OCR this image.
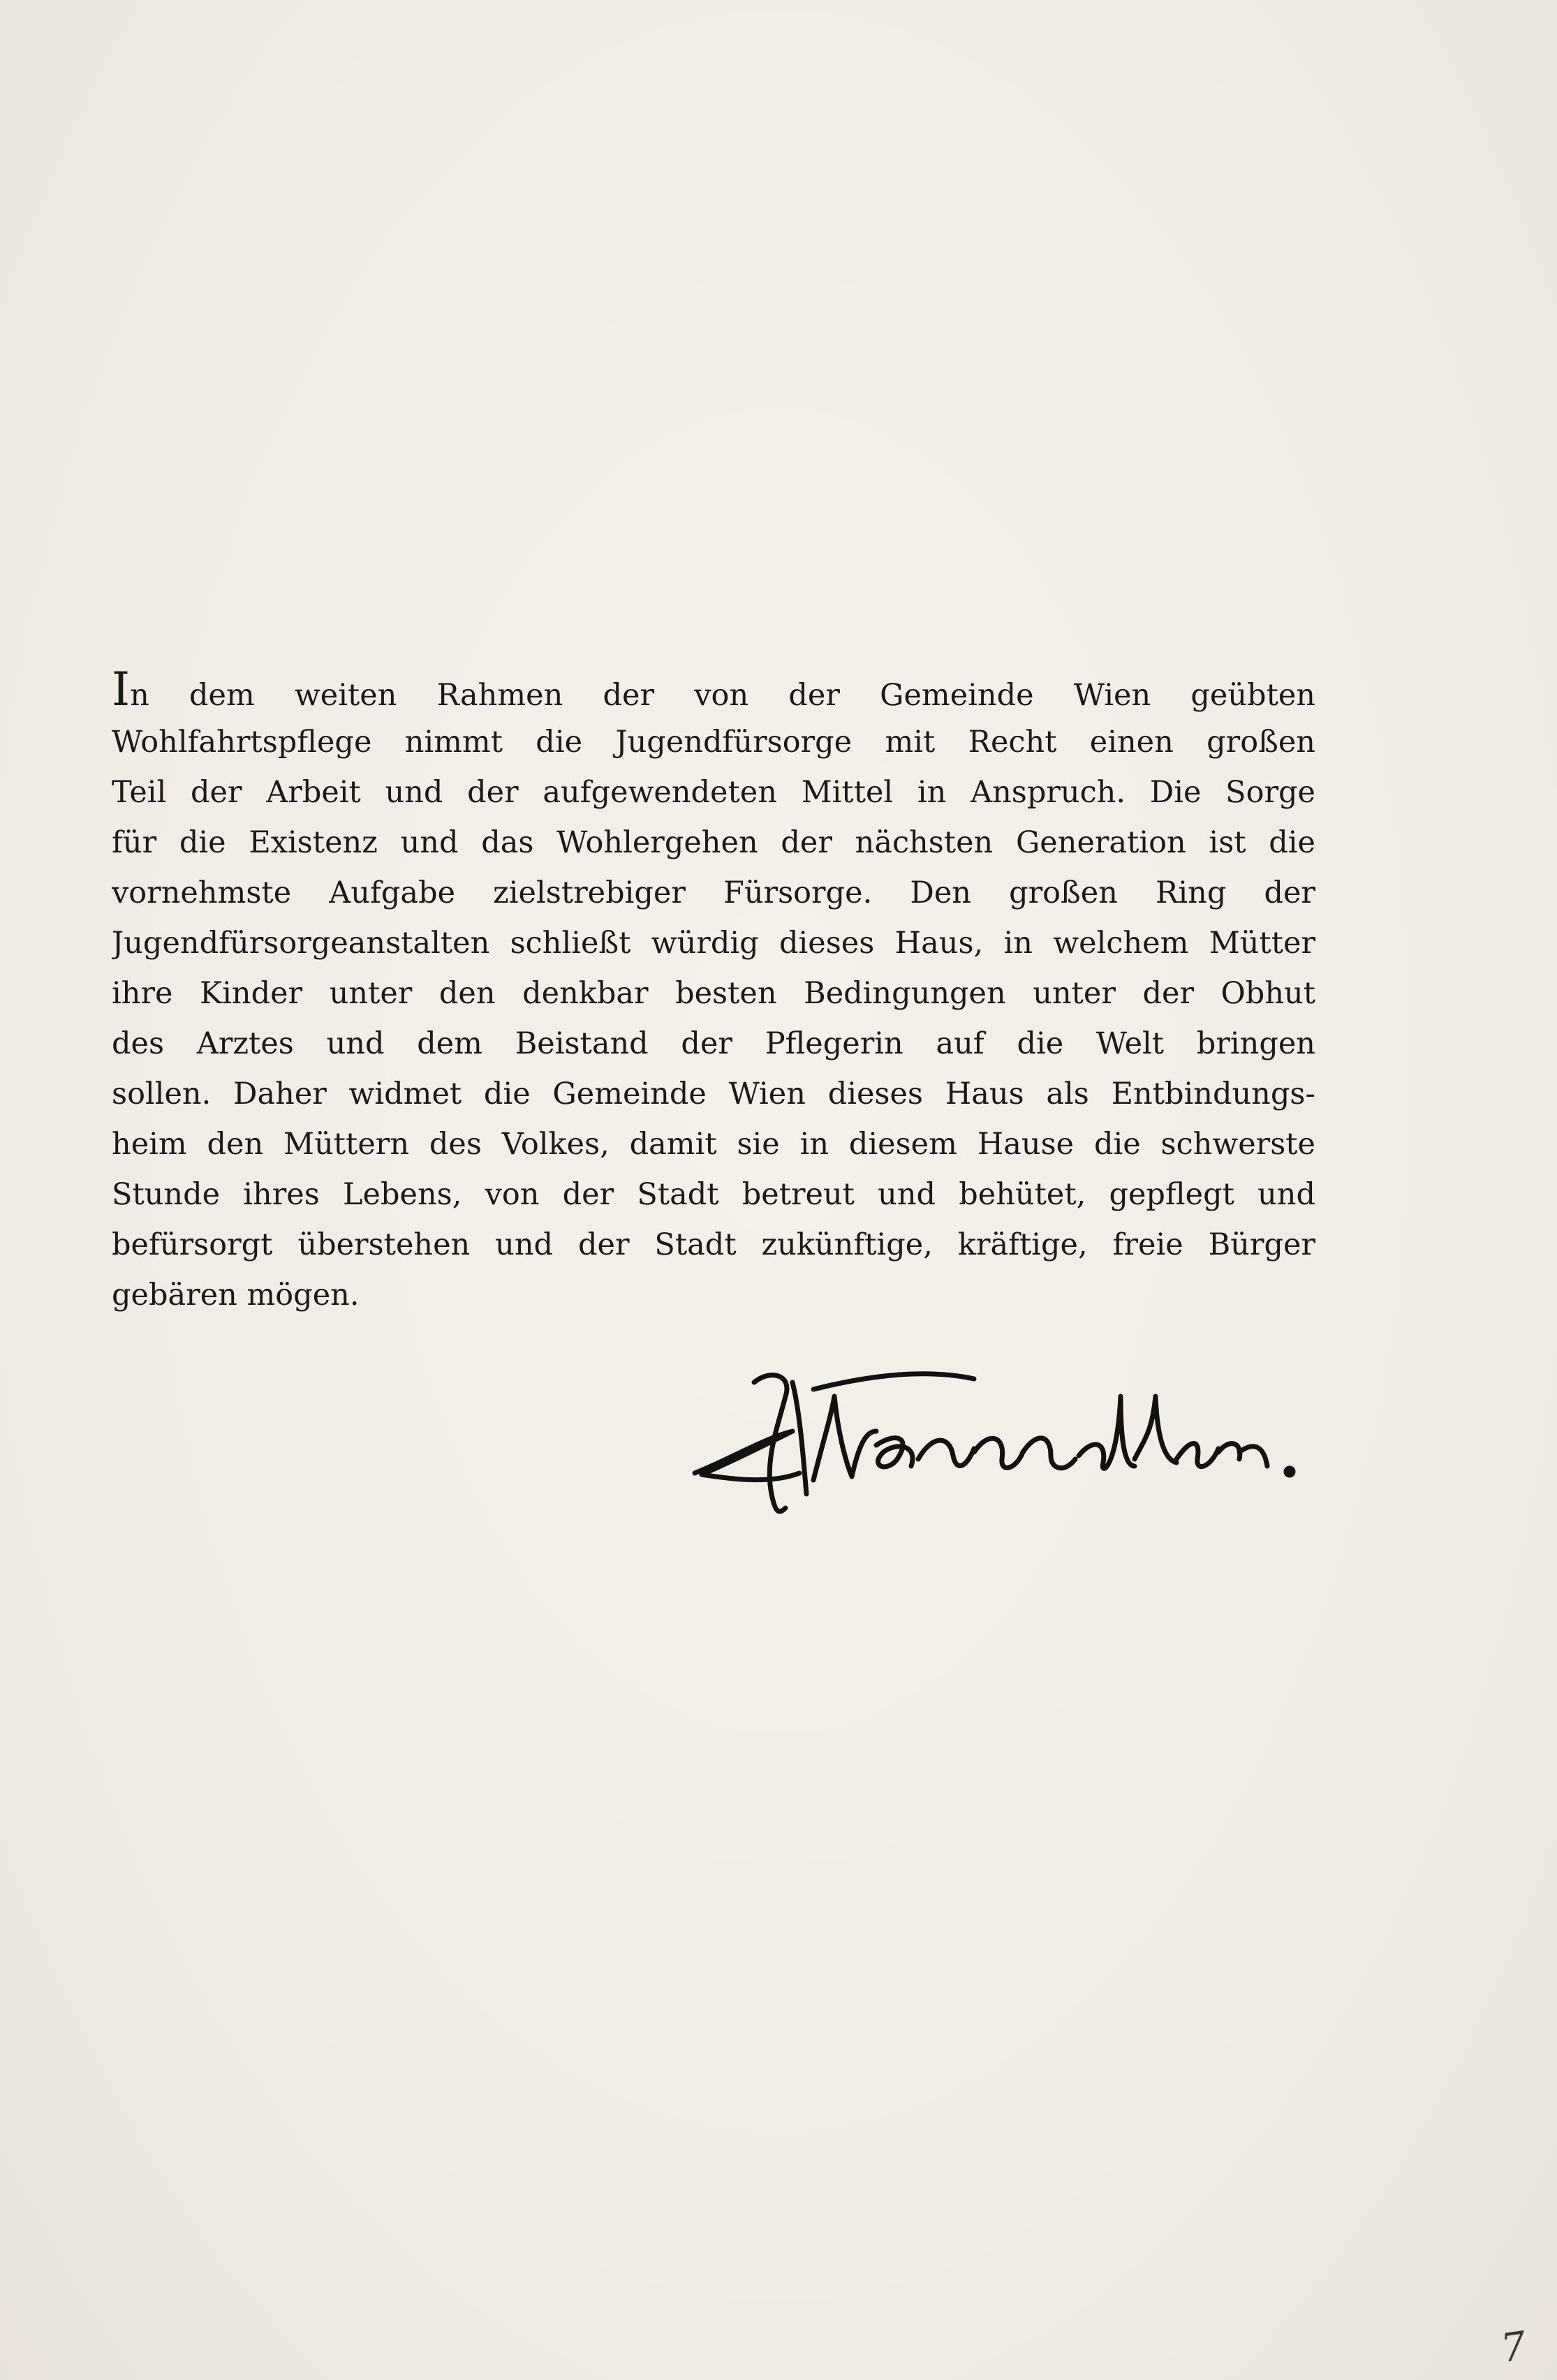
In dem weiten Rahmen der von der Gemeinde Wien geübten
Wohlfahrtspflege nimmt die Jugendfürsorge mit Recht einen großen
Teil der Arbeit und der aufgewendeten Mittel in Anspruch. Die Sorge
für die Existenz und das Wohlergehen der nächsten Generation ist die
vornehmste Aufgabe zielstrebiger Fürsorge. Den großen Ring der
Jugendfürsorgeanstalten schließt würdig dieses Haus, in welchem Mütter
ihre Kinder unter den denkbar besten Bedingungen unter der Obhut
des Arztes und dem Beistand der Pflegerin auf die Welt bringen
sollen. Daher widmet die Gemeinde Wien dieses Haus als Entbindungs-
heim den Müttern des Volkes, damit sie in diesem Hause die schwerste
Stunde ihres Lebens, von der Stadt betreut und behütet, gepflegt und
befürsorgt überstehen und der Stadt zukünftige, kräftige, freie Bürger
gebären mögen.
7
